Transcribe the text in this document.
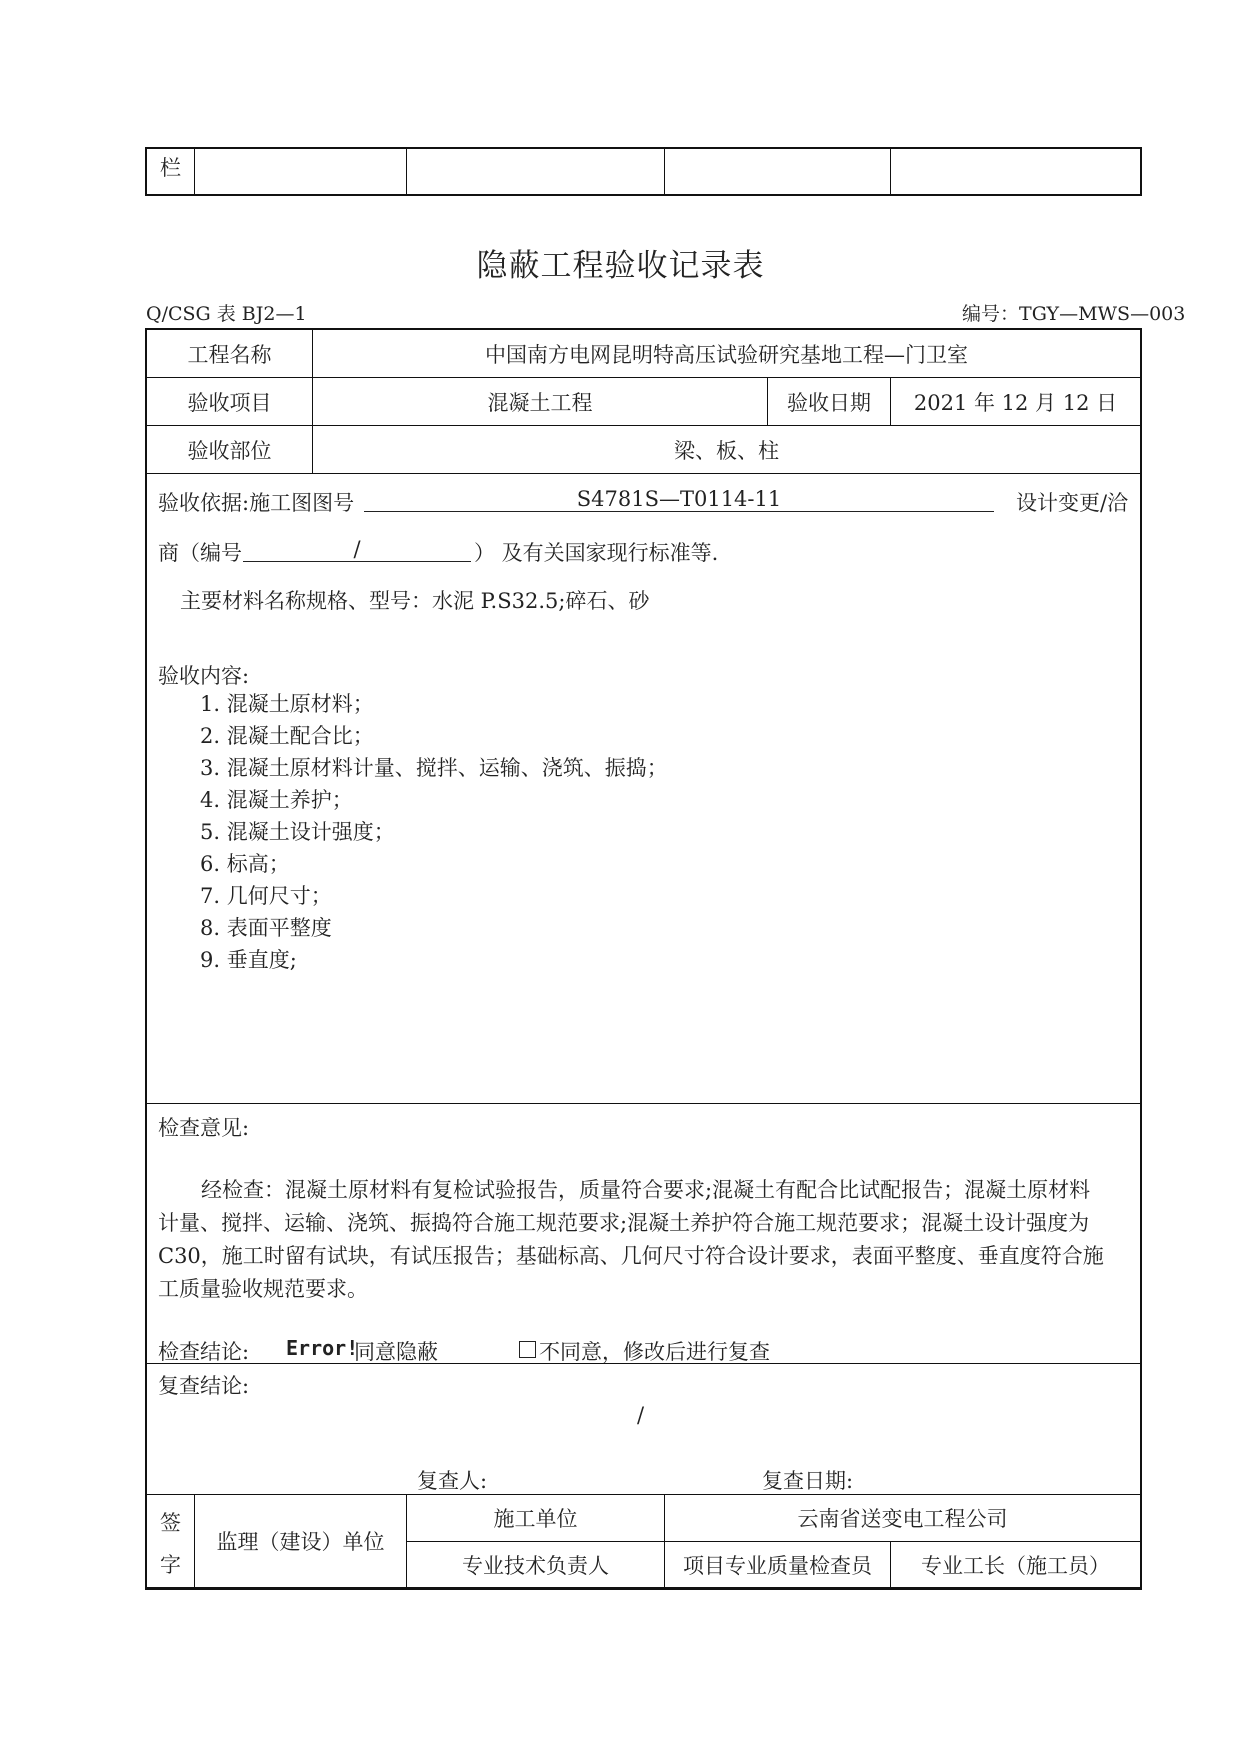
栏
隐蔽工程验收记录表
Q/CSG 表 BJ2—1	编号：TGY—MWS—003
工程名称	中国南方电网昆明特高压试验研究基地工程—门卫室
验收项目	混凝土工程	验收日期	2021 年 12 月 12 日
验收部位	梁、板、柱
验收依据:施工图图号	S4781S—T0114-11	设计变更/洽
商（编号	/	） 及有关国家现行标准等.
主要材料名称规格、型号：水泥 P.S32.5;碎石、砂
验收内容:
1. 混凝土原材料；
2. 混凝土配合比；
3. 混凝土原材料计量、搅拌、运输、浇筑、振捣；
4. 混凝土养护；
5. 混凝土设计强度；
6. 标高；
7. 几何尺寸；
8. 表面平整度
9. 垂直度;
检查意见:
经检查：混凝土原材料有复检试验报告，质量符合要求;混凝土有配合比试配报告；混凝土原材料
计量、搅拌、运输、浇筑、振捣符合施工规范要求;混凝土养护符合施工规范要求；混凝土设计强度为
C30，施工时留有试块，有试压报告；基础标高、几何尺寸符合设计要求，表面平整度、垂直度符合施
工质量验收规范要求。
检查结论: Error!
同意隐蔽	不同意，修改后进行复查
复查结论:
/
复查人:	复查日期:
签
字
监理（建设）单位
施工单位	云南省送变电工程公司
专业技术负责人	项目专业质量检查员	专业工长（施工员）
